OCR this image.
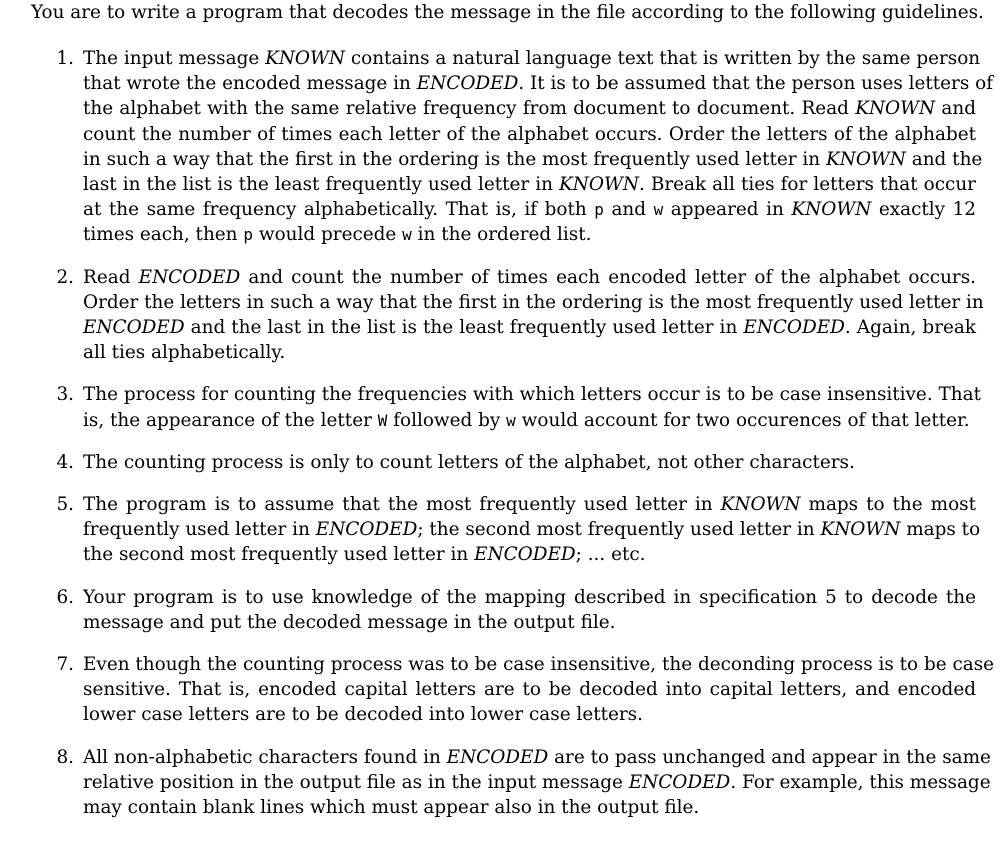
You are to write a program that decodes the message in the file according to the following guidelines.
1. The input message KNOWN contains a natural language text that is written by the same person
that wrote the encoded message in ENCODED. It is to be assumed that the person uses letters of
the alphabet with the same relative frequency from document to document. Read KNOWN and
count the number of times each letter of the alphabet occurs. Order the letters of the alphabet
in such a way that the first in the ordering is the most frequently used letter in KNOWN and the
last in the list is the least frequently used letter in KNOWN. Break all ties for letters that occur
at the same frequency alphabetically. That is, if both p and w appeared in KNOWN exactly 12
times each, then p would precede w in the ordered list.
2. Read ENCODED and count the number of times each encoded letter of the alphabet occurs.
Order the letters in such a way that the first in the ordering is the most frequently used letter in
ENCODED and the last in the list is the least frequently used letter in ENCODED. Again, break
all ties alphabetically.
3. The process for counting the frequencies with which letters occur is to be case insensitive. That
is, the appearance of the letter W followed by w would account for two occurences of that letter.
4. The counting process is only to count letters of the alphabet, not other characters.
5. The program is to assume that the most frequently used letter in KNOWN maps to the most
frequently used letter in ENCODED; the second most frequently used letter in KNOWN maps to
the second most frequently used letter in ENCODED; ... etc.
6. Your program is to use knowledge of the mapping described in specification 5 to decode the
message and put the decoded message in the output file.
7. Even though the counting process was to be case insensitive, the deconding process is to be case
sensitive. That is, encoded capital letters are to be decoded into capital letters, and encoded
lower case letters are to be decoded into lower case letters.
8. All non-alphabetic characters found in ENCODED are to pass unchanged and appear in the same
relative position in the output file as in the input message ENCODED. For example, this message
may contain blank lines which must appear also in the output file.
